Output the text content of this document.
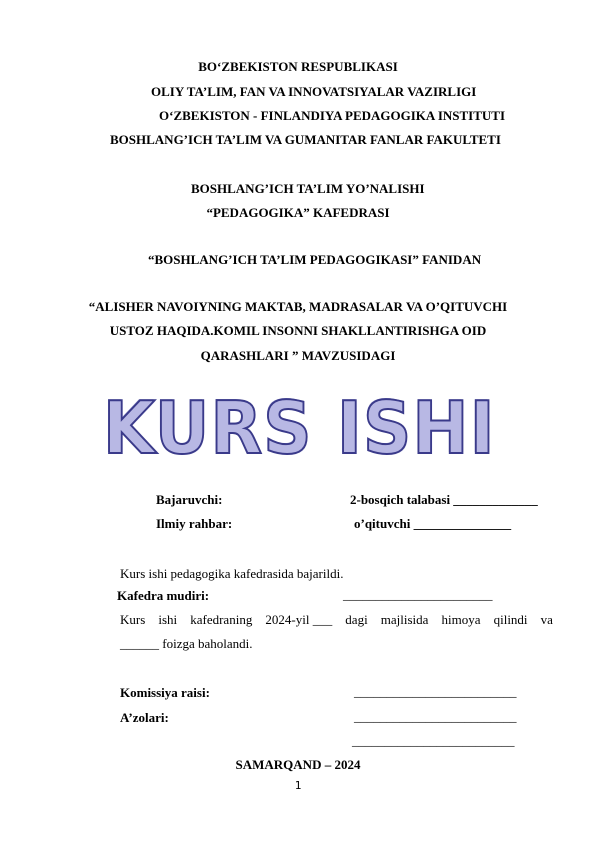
BO‘ZBEKISTON RESPUBLIKASI
OLIY TA’LIM, FAN VA INNOVATSIYALAR VAZIRLIGI
O‘ZBEKISTON - FINLANDIYA PEDAGOGIKA INSTITUTI
BOSHLANG’ICH TA’LIM VA GUMANITAR FANLAR FAKULTETI
BOSHLANG’ICH TA’LIM YO’NALISHI
“PEDAGOGIKA” KAFEDRASI
“BOSHLANG’ICH TA’LIM PEDAGOGIKASI” FANIDAN
“ALISHER NAVOIYNING MAKTAB, MADRASALAR VA O’QITUVCHI
USTOZ HAQIDA.KOMIL INSONNI SHAKLLANTIRISHGA OID
QARASHLARI ” MAVZUSIDAGI
KURS ISHI
Bajaruvchi:	2-bosqich talabasi _____________
Ilmiy rahbar:	o’qituvchi _______________
Kurs ishi pedagogika kafedrasida bajarildi.
Kafedra mudiri:	_______________________
Kurs ishi kafedraning 2024-yil ___ dagi majlisida himoya qilindi va
______ foizga baholandi.
Komissiya raisi:	_________________________
A’zolari:	_________________________
_________________________
SAMARQAND – 2024
1
